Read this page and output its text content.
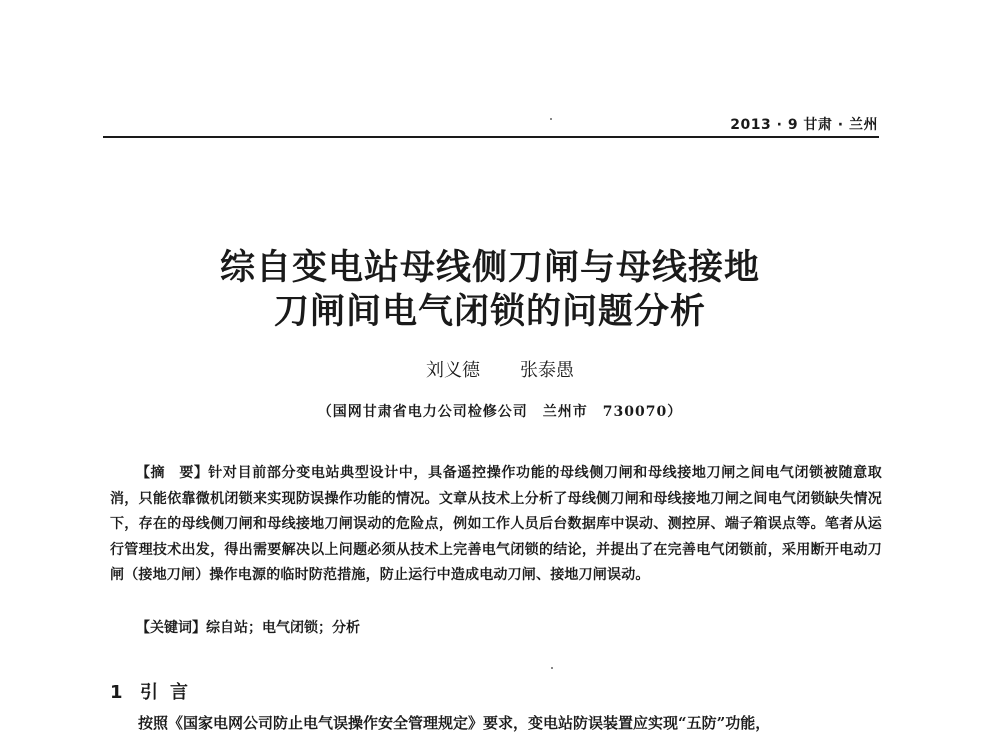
2013 · 9 甘肃 · 兰州
综自变电站母线侧刀闸与母线接地
刀闸间电气闭锁的问题分析
刘义德 张泰愚
（国网甘肃省电力公司检修公司　兰州市　730070）
【摘　要】针对目前部分变电站典型设计中，具备遥控操作功能的母线侧刀闸和母线接地刀闸之间电气闭锁被随意取消，只能依靠微机闭锁来实现防误操作功能的情况。文章从技术上分析了母线侧刀闸和母线接地刀闸之间电气闭锁缺失情况下，存在的母线侧刀闸和母线接地刀闸误动的危险点，例如工作人员后台数据库中误动、测控屏、端子箱误点等。笔者从运行管理技术出发，得出需要解决以上问题必须从技术上完善电气闭锁的结论，并提出了在完善电气闭锁前，采用断开电动刀闸（接地刀闸）操作电源的临时防范措施，防止运行中造成电动刀闸、接地刀闸误动。
【关键词】综自站；电气闭锁；分析
1 引言
按照《国家电网公司防止电气误操作安全管理规定》要求，变电站防误装置应实现“五防”功能，
